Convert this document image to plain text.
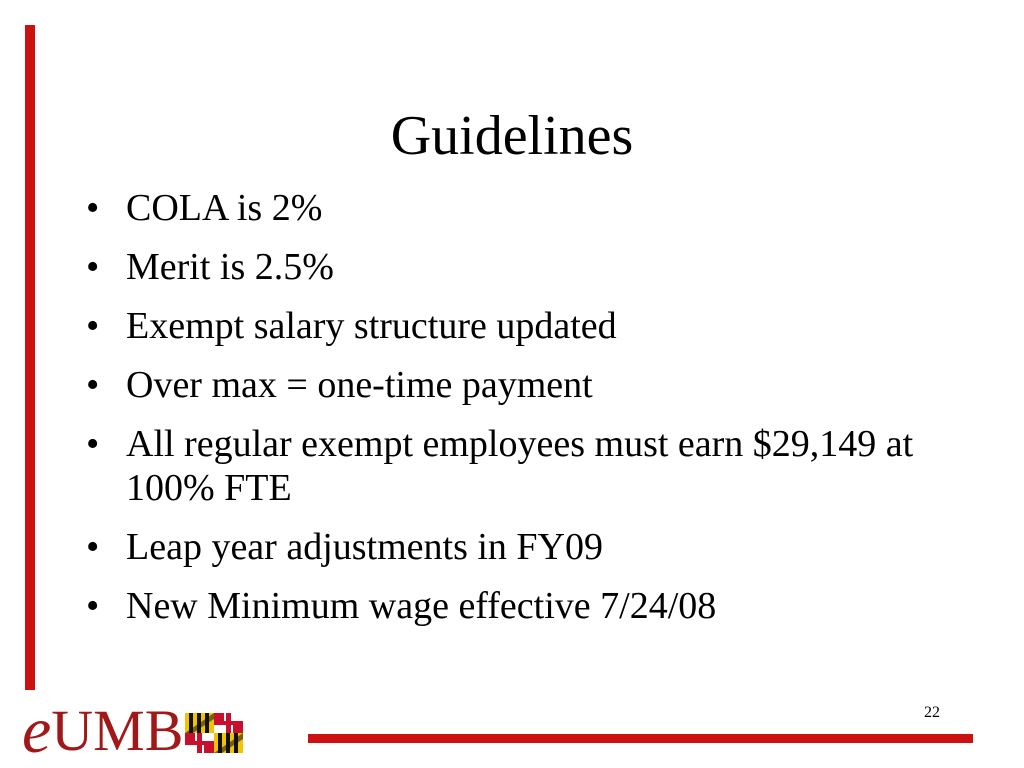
Guidelines
• COLA is 2%
• Merit is 2.5%
• Exempt salary structure updated
• Over max = one-time payment
• All regular exempt employees must earn $29,149 at 100% FTE
• Leap year adjustments in FY09
• New Minimum wage effective 7/24/08
e UMB	22
